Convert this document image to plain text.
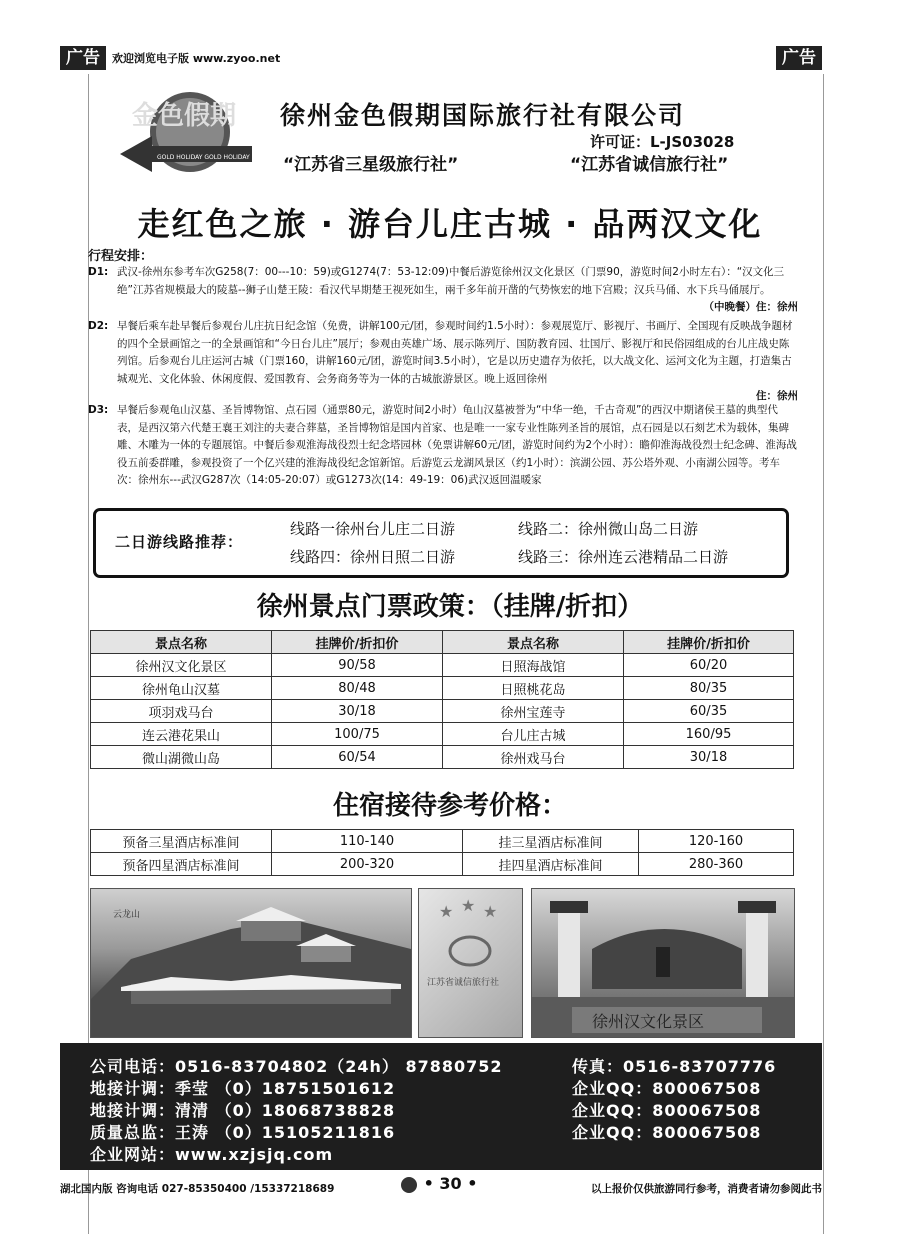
广告	广告
欢迎浏览电子版 www.zyoo.net
金色假期
GOLD HOLIDAY GOLD HOLIDAY
徐州金色假期国际旅行社有限公司
许可证：L-JS03028
“江苏省三星级旅行社”	“江苏省诚信旅行社”
走红色之旅 · 游台儿庄古城 · 品两汉文化
行程安排：
D1: 武汉-徐州东参考车次G258(7：00---10：59)或G1274(7：53-12:09)中餐后游览徐州汉文化景区（门票90，游览时间2小时左右）：“汉文化三绝”江苏省规模最大的陵墓--狮子山楚王陵：看汉代早期楚王视死如生，兩千多年前开凿的气势恢宏的地下宫殿；汉兵马俑、水下兵马俑展厅。
（中晚餐）住：徐州
D2: 早餐后乘车赴早餐后参观台儿庄抗日纪念馆（免费，讲解100元/团，参观时间约1.5小时）：参观展览厅、影视厅、书画厅、全国现有反映战争题材的四个全景画馆之一的全景画馆和“今日台儿庄”展厅；参观由英雄广场、展示陈列厅、国防教育园、壮国厅、影视厅和民俗园组成的台儿庄战史陈列馆。后参观台儿庄运河古城（门票160，讲解160元/团，游览时间3.5小时），它是以历史遗存为依托，以大战文化、运河文化为主题，打造集古城观光、文化体验、休闲度假、爱国教育、会务商务等为一体的古城旅游景区。晚上返回徐州
住：徐州
D3: 早餐后参观龟山汉墓、圣旨博物馆、点石园（通票80元，游览时间2小时）龟山汉墓被誉为“中华一绝，千古奇观”的西汉中期诸侯王墓的典型代表，是西汉第六代楚王襄王刘注的夫妻合葬墓，圣旨博物馆是国内首家、也是唯一一家专业性陈列圣旨的展馆，点石园是以石刻艺术为载体，集碑雕、木雕为一体的专题展馆。中餐后参观淮海战役烈士纪念塔园林（免票讲解60元/团，游览时间约为2个小时）：瞻仰淮海战役烈士纪念碑、淮海战役五前委群雕，参观投资了一个亿兴建的淮海战役纪念馆新馆。后游览云龙湖风景区（约1小时）：滨湖公园、苏公塔外观、小南湖公园等。考车次：徐州东---武汉G287次（14:05-20:07）或G1273次(14：49-19：06)武汉返回温暖家
二日游线路推荐：
线路一徐州台儿庄二日游	线路二：徐州微山岛二日游
线路四：徐州日照二日游	线路三：徐州连云港精品二日游
徐州景点门票政策：（挂牌/折扣）
景点名称	挂牌价/折扣价	景点名称	挂牌价/折扣价
徐州汉文化景区	90/58	日照海战馆	60/20
徐州龟山汉墓	80/48	日照桃花岛	80/35
项羽戏马台	30/18	徐州宝莲寺	60/35
连云港花果山	100/75	台儿庄古城	160/95
微山湖微山岛	60/54	徐州戏马台	30/18
住宿接待参考价格：
预备三星酒店标准间	110-140	挂三星酒店标准间	120-160
预备四星酒店标准间	200-320	挂四星酒店标准间	280-360
云龙山	★ ★ ★
江苏省诚信旅行社
徐州汉文化景区
公司电话：0516-83704802（24h） 87880752	传真：0516-83707776
地接计调：季莹 （0）18751501612	企业QQ：800067508
地接计调：清清 （0）18068738828	企业QQ：800067508
质量总监：王涛 （0）15105211816	企业QQ：800067508
企业网站：www.xzjsjq.com
湖北国内版 咨询电话 027-85350400 /15337218689	• 30 •	以上报价仅供旅游同行参考，消费者请勿参阅此书
